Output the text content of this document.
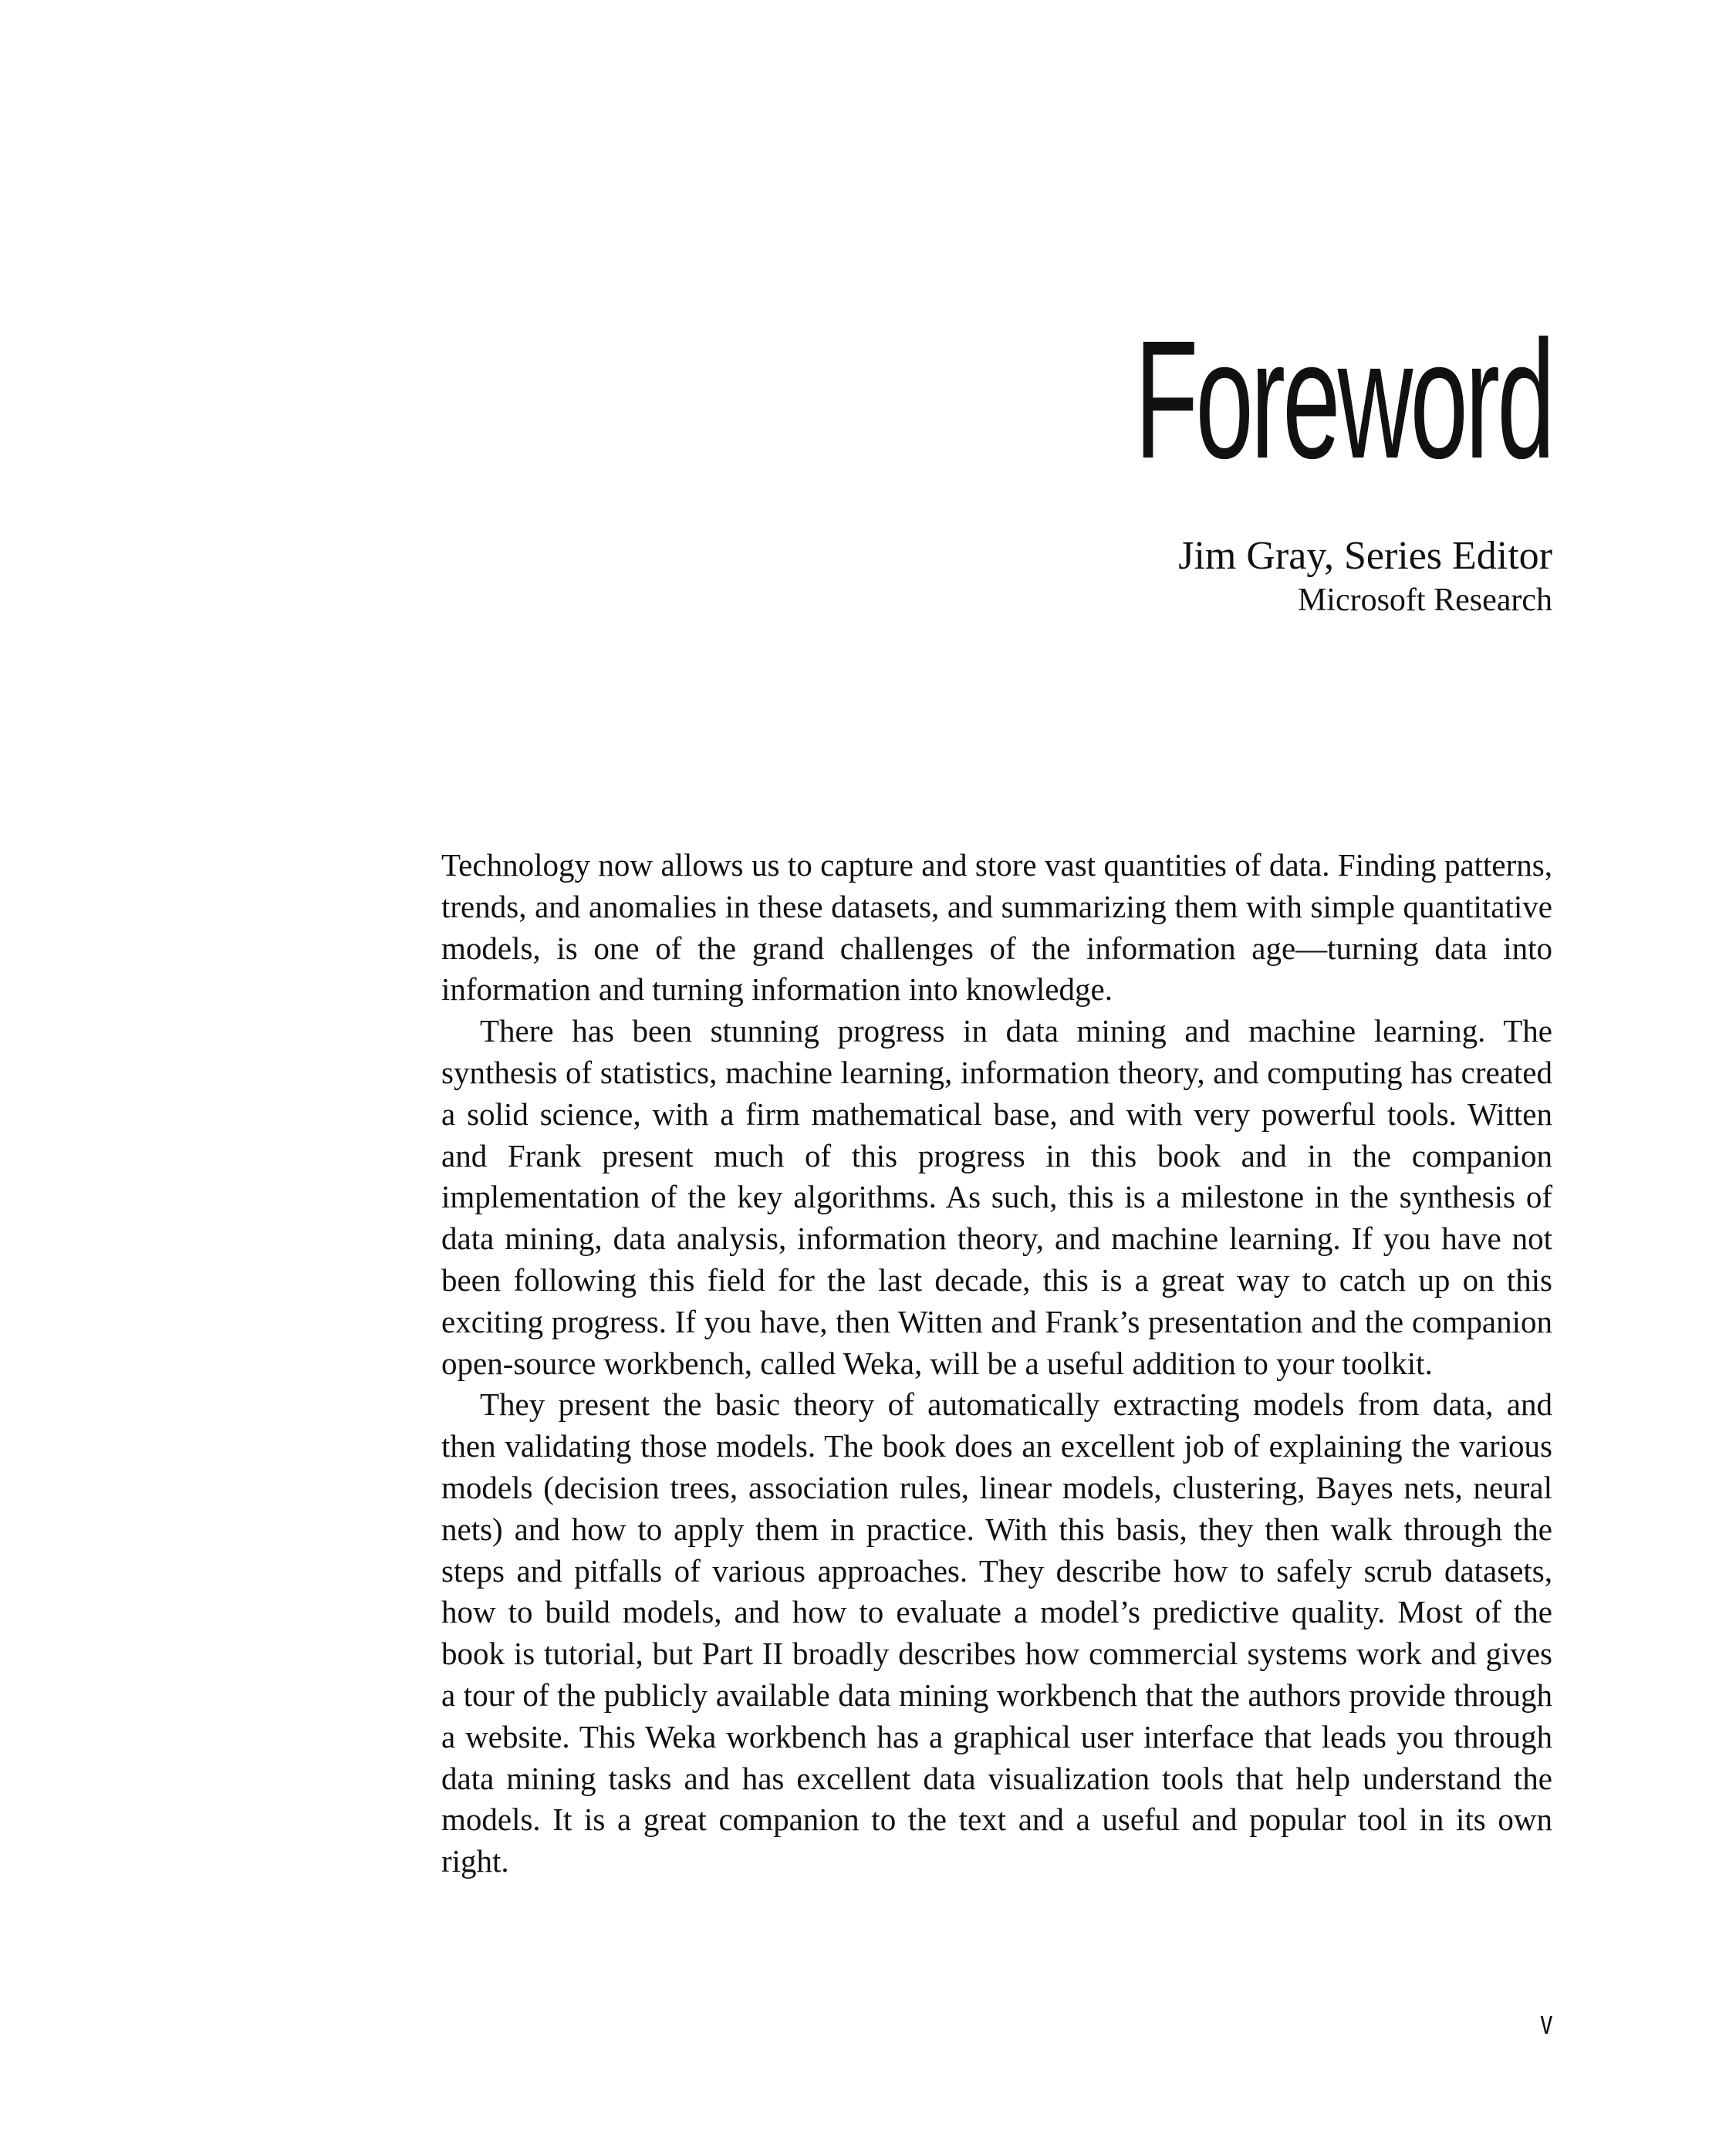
Foreword
Jim Gray, Series Editor
Microsoft Research

Technology now allows us to capture and store vast quantities of data. Finding patterns, trends, and anomalies in these datasets, and summarizing them with simple quantitative models, is one of the grand challenges of the information age—turning data into information and turning information into knowledge.

There has been stunning progress in data mining and machine learning. The synthesis of statistics, machine learning, information theory, and computing has created a solid science, with a firm mathematical base, and with very powerful tools. Witten and Frank present much of this progress in this book and in the companion implementation of the key algorithms. As such, this is a milestone in the synthesis of data mining, data analysis, information theory, and machine learning. If you have not been following this field for the last decade, this is a great way to catch up on this exciting progress. If you have, then Witten and Frank’s presentation and the companion open-source workbench, called Weka, will be a useful addition to your toolkit.

They present the basic theory of automatically extracting models from data, and then validating those models. The book does an excellent job of explaining the various models (decision trees, association rules, linear models, clustering, Bayes nets, neural nets) and how to apply them in practice. With this basis, they then walk through the steps and pitfalls of various approaches. They describe how to safely scrub datasets, how to build models, and how to evaluate a model’s predictive quality. Most of the book is tutorial, but Part II broadly describes how commercial systems work and gives a tour of the publicly available data mining workbench that the authors provide through a website. This Weka workbench has a graphical user interface that leads you through data mining tasks and has excellent data visualization tools that help understand the models. It is a great companion to the text and a useful and popular tool in its own right.

v
